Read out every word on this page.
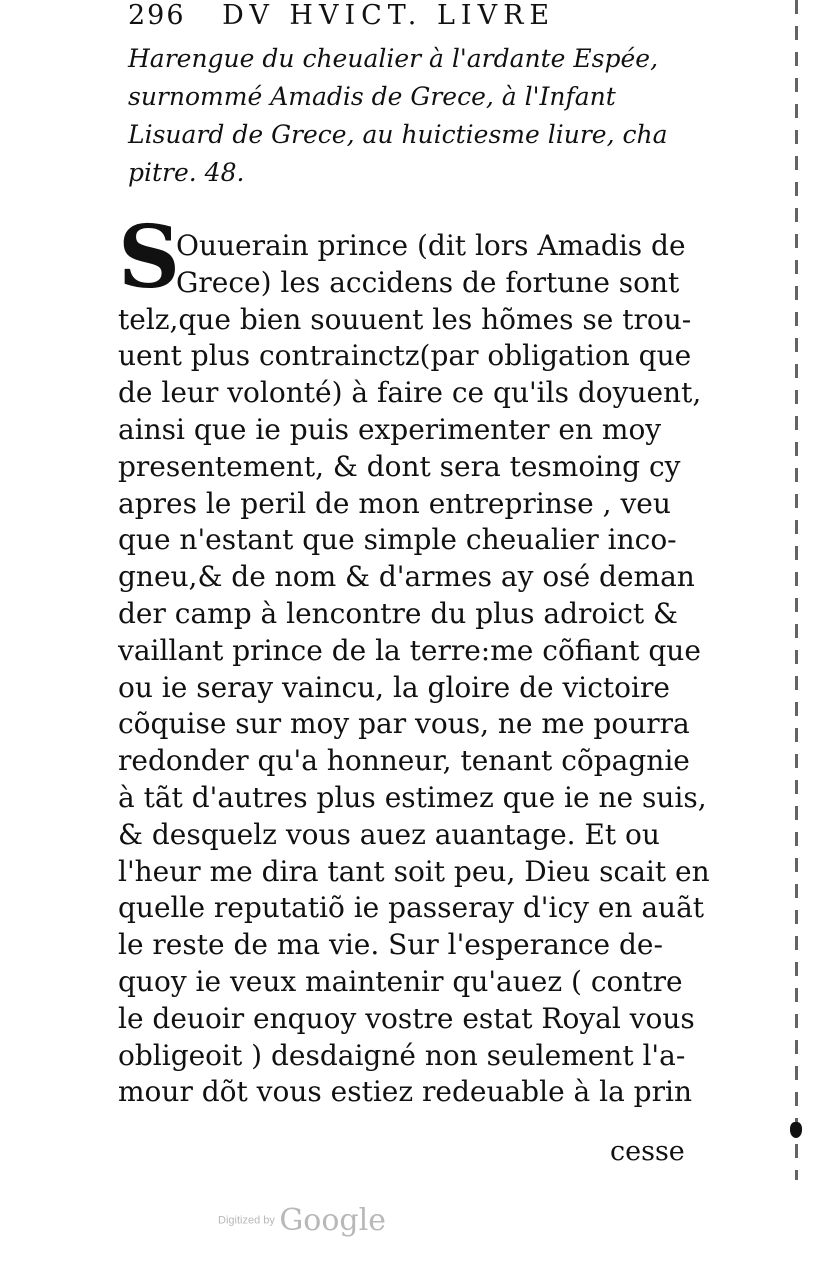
296 DV HVICT. LIVRE
Harengue du cheualier à l'ardante Espée,
surnommé Amadis de Grece, à l'Infant
Lisuard de Grece, au huictiesme liure, cha
pitre. 48.
S
Ouuerain prince (dit lors Amadis de
Grece) les accidens de fortune sont
telz,que bien souuent les hõmes se trou-
uent plus contrainctz(par obligation que
de leur volonté) à faire ce qu'ils doyuent,
ainsi que ie puis experimenter en moy
presentement, & dont sera tesmoing cy
apres le peril de mon entreprinse , veu
que n'estant que simple cheualier inco-
gneu,& de nom & d'armes ay osé deman
der camp à lencontre du plus adroict &
vaillant prince de la terre:me cõfiant que
ou ie seray vaincu, la gloire de victoire
cõquise sur moy par vous, ne me pourra
redonder qu'a honneur, tenant cõpagnie
à tãt d'autres plus estimez que ie ne suis,
& desquelz vous auez auantage. Et ou
l'heur me dira tant soit peu, Dieu scait en
quelle reputatiõ ie passeray d'icy en auãt
le reste de ma vie. Sur l'esperance de-
quoy ie veux maintenir qu'auez ( contre
le deuoir enquoy vostre estat Royal vous
obligeoit ) desdaigné non seulement l'a-
mour dõt vous estiez redeuable à la prin
cesse
Digitized by Google
